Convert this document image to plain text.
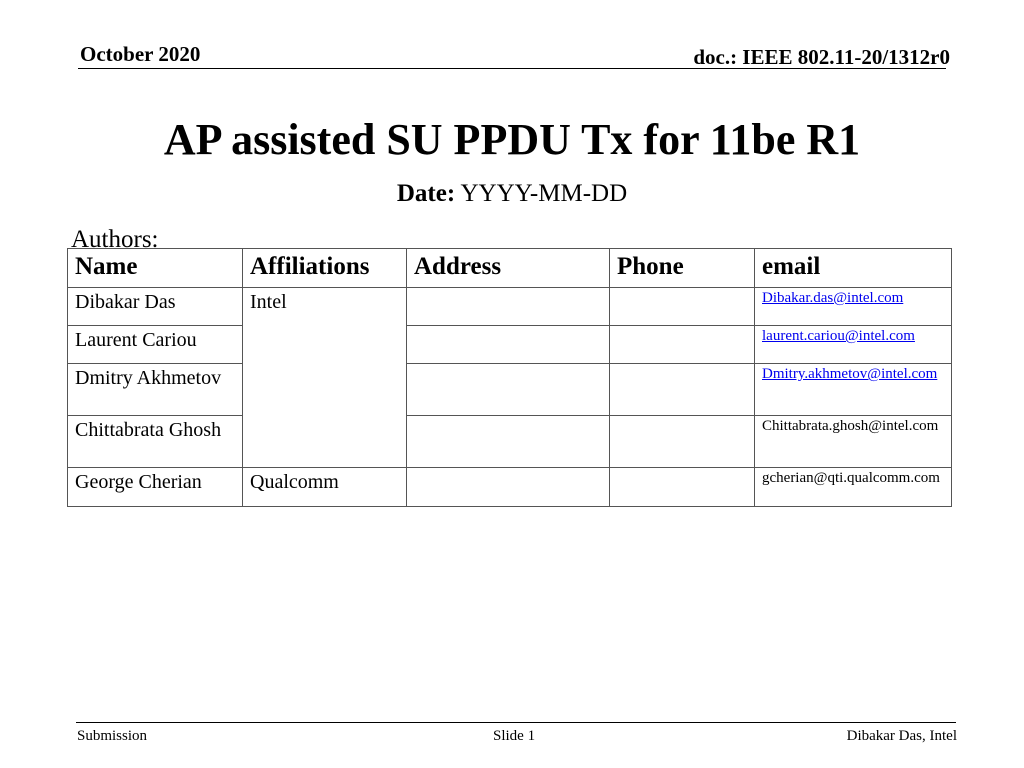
October 2020	doc.: IEEE 802.11-20/1312r0
AP assisted SU PPDU Tx for 11be R1
Date: YYYY-MM-DD
Authors:
Name	Affiliations	Address	Phone	email
Dibakar Das	Intel			Dibakar.das@intel.com
Laurent Cariou				laurent.cariou@intel.com
Dmitry Akhmetov				Dmitry.akhmetov@intel.com
Chittabrata Ghosh				Chittabrata.ghosh@intel.com
George Cherian	Qualcomm			gcherian@qti.qualcomm.com
Submission	Slide 1	Dibakar Das, Intel
